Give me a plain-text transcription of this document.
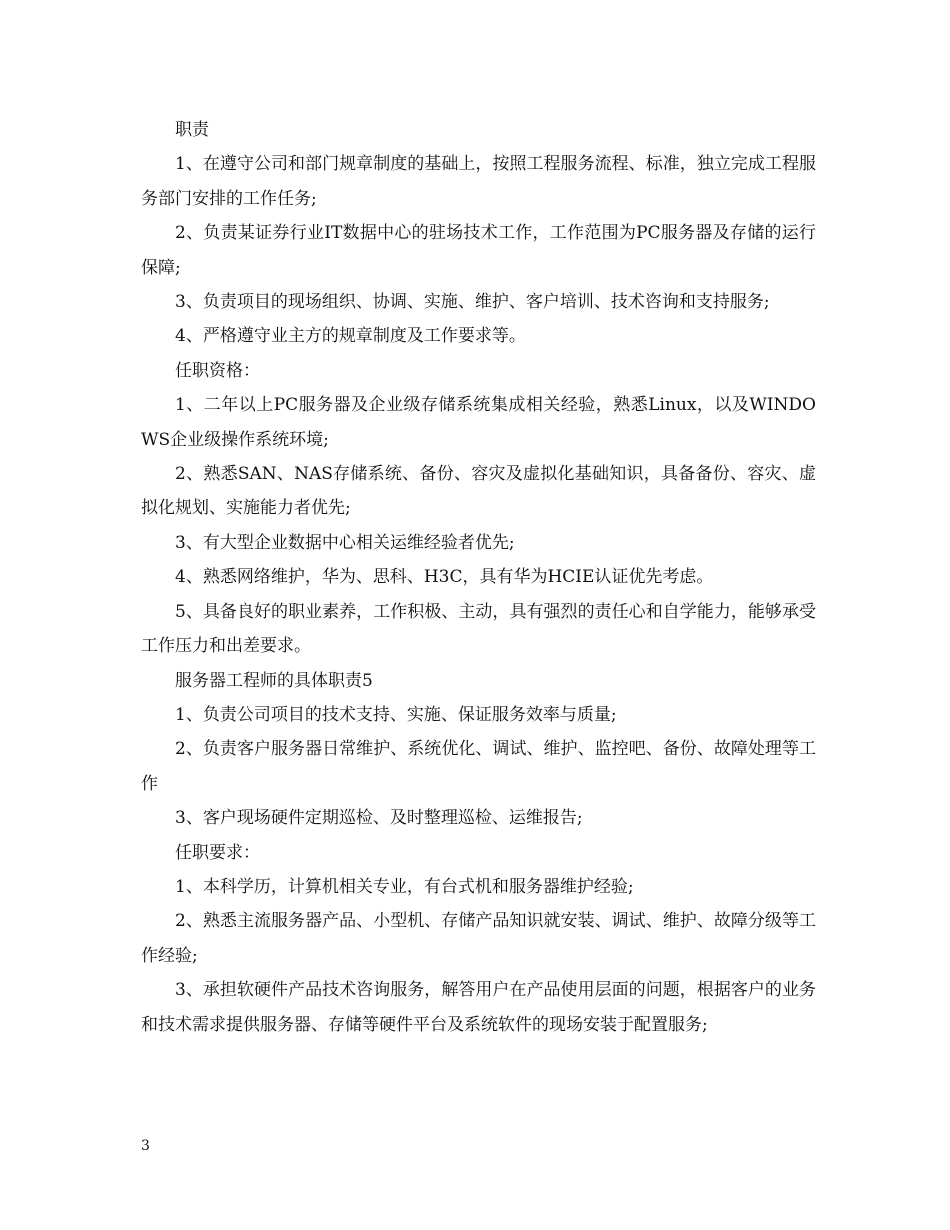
职责

1、在遵守公司和部门规章制度的基础上，按照工程服务流程、标准，独立完成工程服务部门安排的工作任务;

2、负责某证券行业IT数据中心的驻场技术工作，工作范围为PC服务器及存储的运行保障;

3、负责项目的现场组织、协调、实施、维护、客户培训、技术咨询和支持服务;

4、严格遵守业主方的规章制度及工作要求等。

任职资格：

1、二年以上PC服务器及企业级存储系统集成相关经验，熟悉Linux，以及WINDOWS企业级操作系统环境;

2、熟悉SAN、NAS存储系统、备份、容灾及虚拟化基础知识，具备备份、容灾、虚拟化规划、实施能力者优先;

3、有大型企业数据中心相关运维经验者优先;

4、熟悉网络维护，华为、思科、H3C，具有华为HCIE认证优先考虑。

5、具备良好的职业素养，工作积极、主动，具有强烈的责任心和自学能力，能够承受工作压力和出差要求。

服务器工程师的具体职责5

1、负责公司项目的技术支持、实施、保证服务效率与质量;

2、负责客户服务器日常维护、系统优化、调试、维护、监控吧、备份、故障处理等工作

3、客户现场硬件定期巡检、及时整理巡检、运维报告;

任职要求：

1、本科学历，计算机相关专业，有台式机和服务器维护经验;

2、熟悉主流服务器产品、小型机、存储产品知识就安装、调试、维护、故障分级等工作经验;

3、承担软硬件产品技术咨询服务，解答用户在产品使用层面的问题，根据客户的业务和技术需求提供服务器、存储等硬件平台及系统软件的现场安装于配置服务;

3
